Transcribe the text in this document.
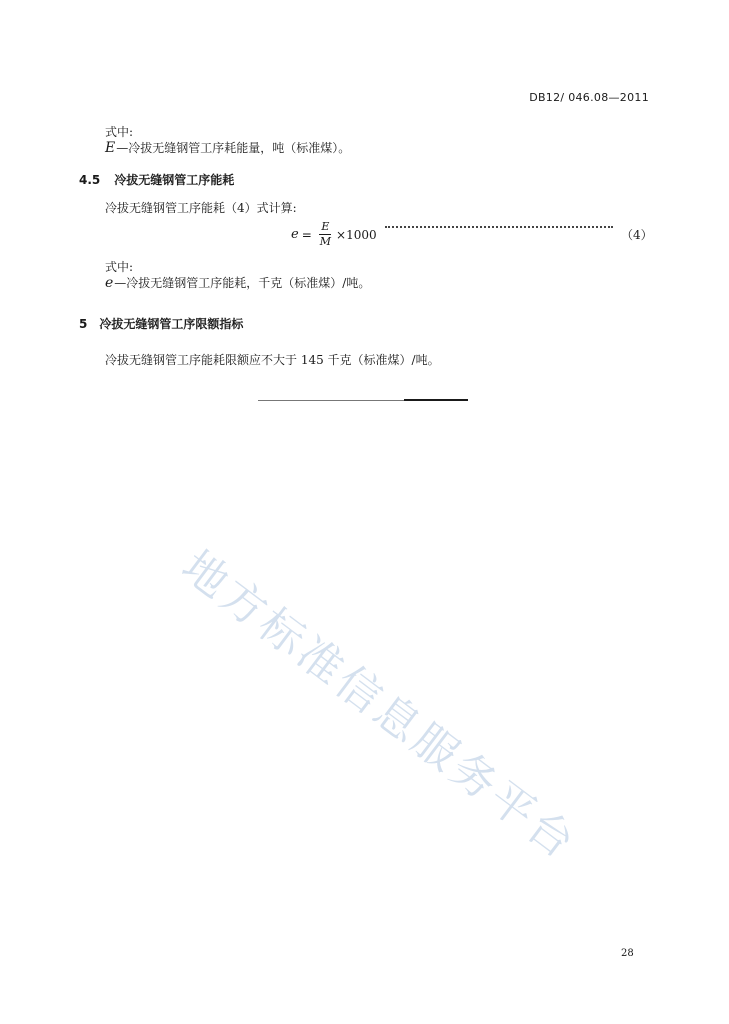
DB12/ 046.08—2011
式中:
E—冷拔无缝钢管工序耗能量，吨（标准煤）。
4.5 冷拔无缝钢管工序能耗
冷拔无缝钢管工序能耗（4）式计算:
$e = \frac{E}{M} \times 1000$	（4）
式中:
e—冷拔无缝钢管工序能耗，千克（标准煤）/吨。
5 冷拔无缝钢管工序限额指标
冷拔无缝钢管工序能耗限额应不大于 145 千克（标准煤）/吨。
地方标准信息服务平台
28
